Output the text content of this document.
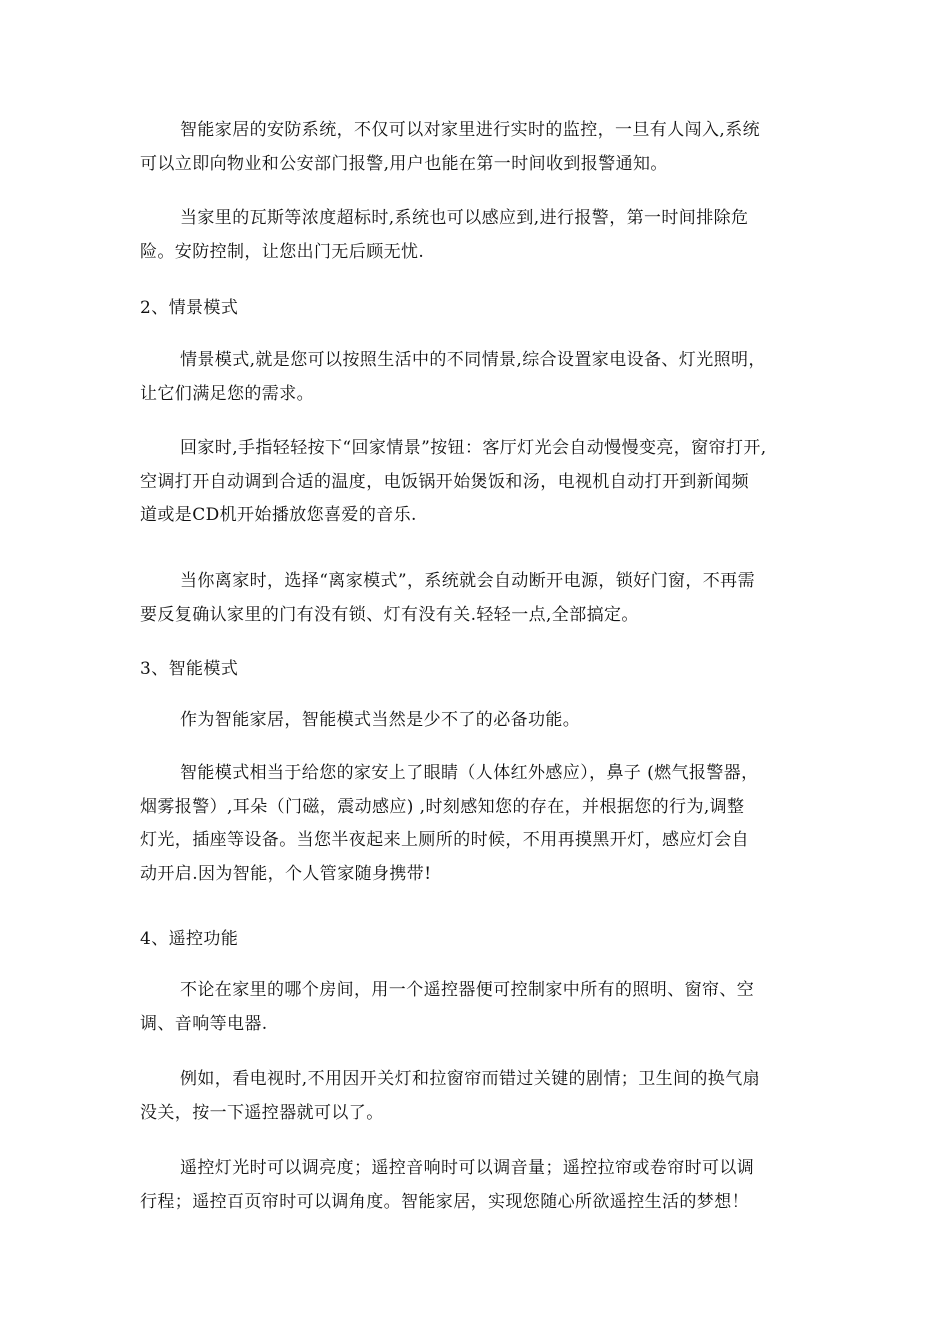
智能家居的安防系统，不仅可以对家里进行实时的监控，一旦有人闯入,系统
可以立即向物业和公安部门报警,用户也能在第一时间收到报警通知。
当家里的瓦斯等浓度超标时,系统也可以感应到,进行报警，第一时间排除危
险。安防控制，让您出门无后顾无忧.
2、情景模式
情景模式,就是您可以按照生活中的不同情景,综合设置家电设备、灯光照明，
让它们满足您的需求。
回家时,手指轻轻按下“回家情景”按钮：客厅灯光会自动慢慢变亮，窗帘打开,
空调打开自动调到合适的温度，电饭锅开始煲饭和汤，电视机自动打开到新闻频
道或是CD机开始播放您喜爱的音乐.
当你离家时，选择“离家模式”，系统就会自动断开电源，锁好门窗，不再需
要反复确认家里的门有没有锁、灯有没有关.轻轻一点,全部搞定。
3、智能模式
作为智能家居，智能模式当然是少不了的必备功能。
智能模式相当于给您的家安上了眼睛（人体红外感应），鼻子 (燃气报警器，
烟雾报警）,耳朵（门磁，震动感应) ,时刻感知您的存在，并根据您的行为,调整
灯光，插座等设备。当您半夜起来上厕所的时候，不用再摸黑开灯，感应灯会自
动开启.因为智能，个人管家随身携带!
4、遥控功能
不论在家里的哪个房间，用一个遥控器便可控制家中所有的照明、窗帘、空
调、音响等电器.
例如，看电视时,不用因开关灯和拉窗帘而错过关键的剧情；卫生间的换气扇
没关，按一下遥控器就可以了。
遥控灯光时可以调亮度；遥控音响时可以调音量；遥控拉帘或卷帘时可以调
行程；遥控百页帘时可以调角度。智能家居，实现您随心所欲遥控生活的梦想！
